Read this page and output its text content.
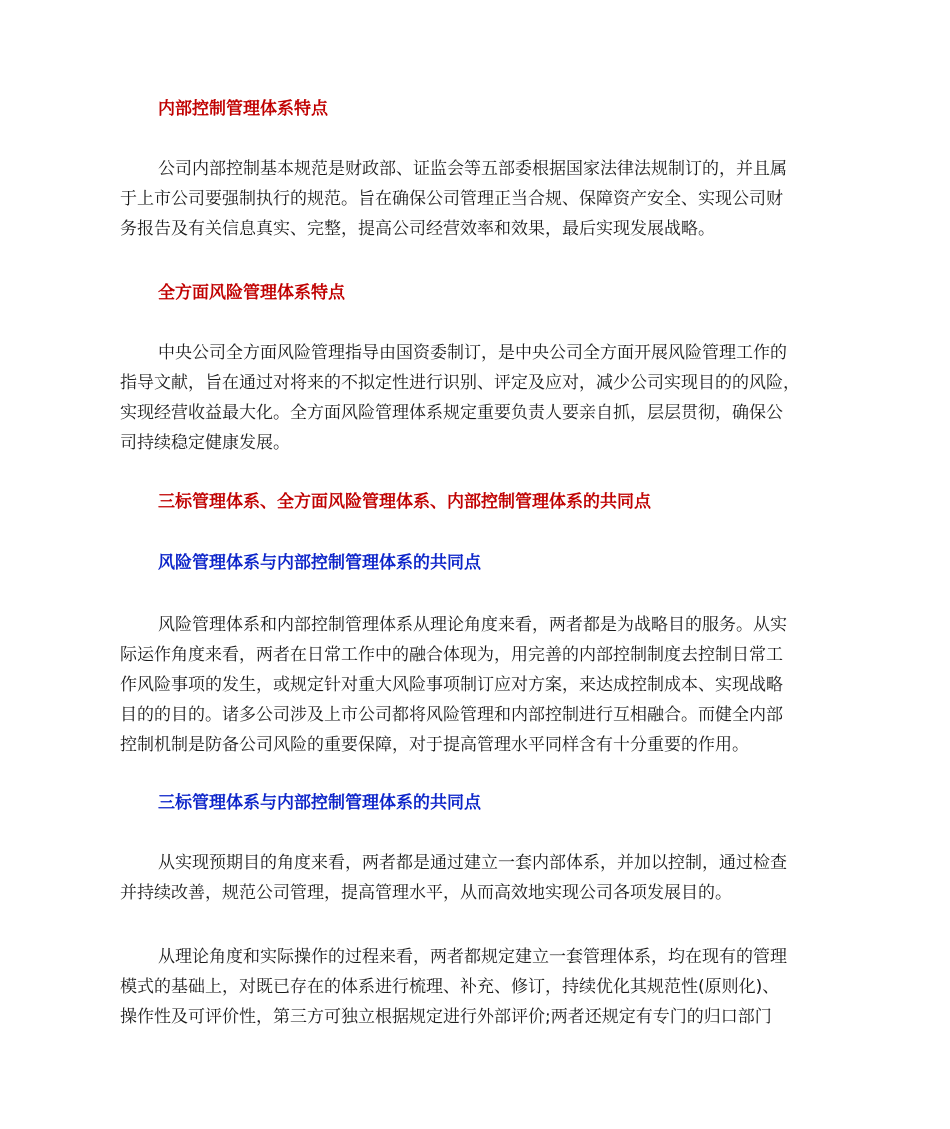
内部控制管理体系特点
公司内部控制基本规范是财政部、证监会等五部委根据国家法律法规制订的，并且属
于上市公司要强制执行的规范。旨在确保公司管理正当合规、保障资产安全、实现公司财
务报告及有关信息真实、完整，提高公司经营效率和效果，最后实现发展战略。
全方面风险管理体系特点
中央公司全方面风险管理指导由国资委制订，是中央公司全方面开展风险管理工作的
指导文献，旨在通过对将来的不拟定性进行识别、评定及应对，减少公司实现目的的风险，
实现经营收益最大化。全方面风险管理体系规定重要负责人要亲自抓，层层贯彻，确保公
司持续稳定健康发展。
三标管理体系、全方面风险管理体系、内部控制管理体系的共同点
风险管理体系与内部控制管理体系的共同点
风险管理体系和内部控制管理体系从理论角度来看，两者都是为战略目的服务。从实
际运作角度来看，两者在日常工作中的融合体现为，用完善的内部控制制度去控制日常工
作风险事项的发生，或规定针对重大风险事项制订应对方案，来达成控制成本、实现战略
目的的目的。诸多公司涉及上市公司都将风险管理和内部控制进行互相融合。而健全内部
控制机制是防备公司风险的重要保障，对于提高管理水平同样含有十分重要的作用。
三标管理体系与内部控制管理体系的共同点
从实现预期目的角度来看，两者都是通过建立一套内部体系，并加以控制，通过检查
并持续改善，规范公司管理，提高管理水平，从而高效地实现公司各项发展目的。
从理论角度和实际操作的过程来看，两者都规定建立一套管理体系，均在现有的管理
模式的基础上，对既已存在的体系进行梳理、补充、修订，持续优化其规范性(原则化)、
操作性及可评价性，第三方可独立根据规定进行外部评价;两者还规定有专门的归口部门
